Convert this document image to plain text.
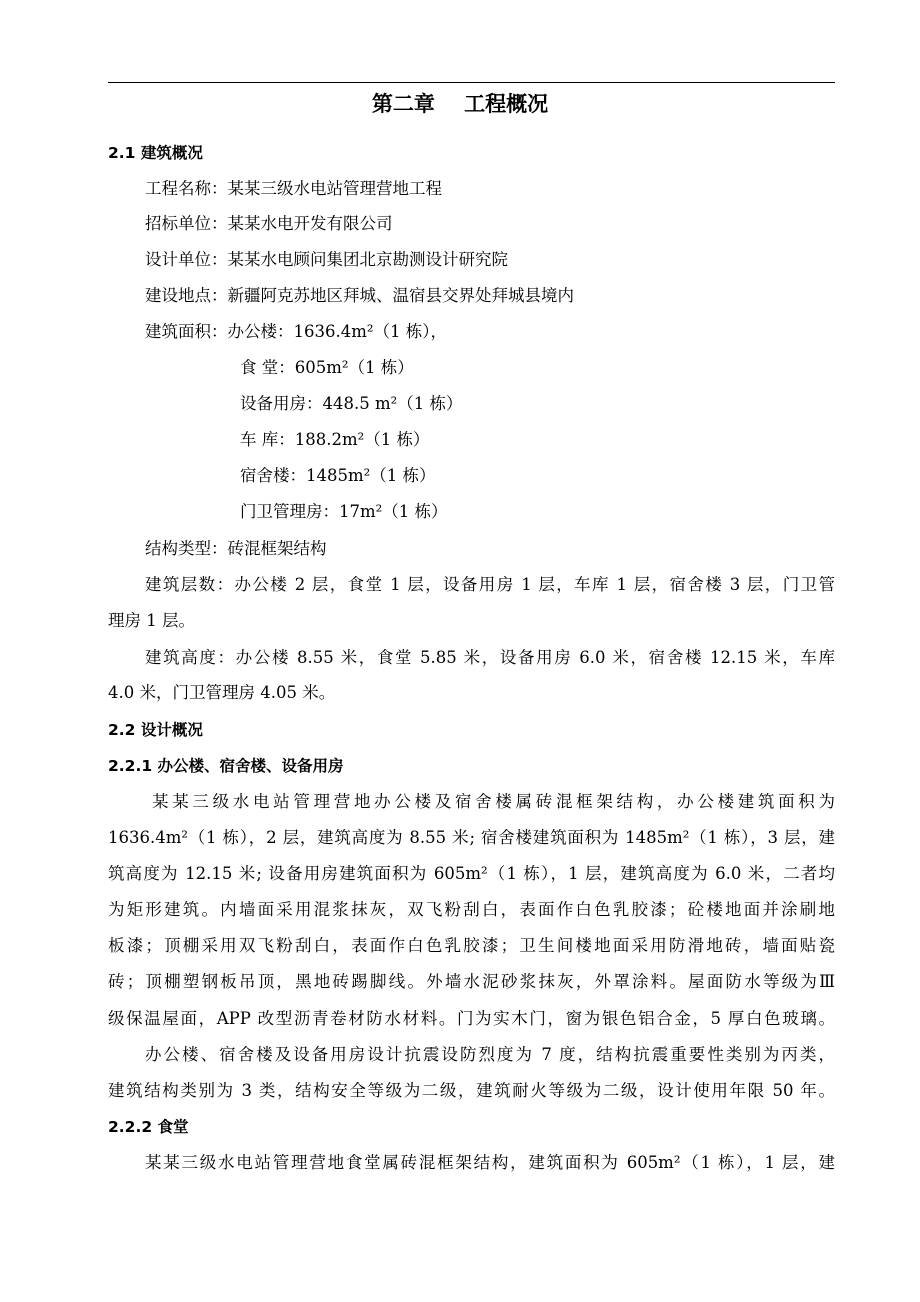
第二章    工程概况
2.1 建筑概况
工程名称：某某三级水电站管理营地工程
招标单位：某某水电开发有限公司
设计单位：某某水电顾问集团北京勘测设计研究院
建设地点：新疆阿克苏地区拜城、温宿县交界处拜城县境内
建筑面积：办公楼：1636.4m²（1 栋），
食 堂：605m²（1 栋）
设备用房：448.5 m²（1 栋）
车 库：188.2m²（1 栋）
宿舍楼：1485m²（1 栋）
门卫管理房：17m²（1 栋）
结构类型：砖混框架结构
建筑层数：办公楼 2 层，食堂 1 层，设备用房 1 层，车库 1 层，宿舍楼 3 层，门卫管
理房 1 层。
建筑高度：办公楼 8.55 米，食堂 5.85 米，设备用房 6.0 米，宿舍楼 12.15 米，车库
4.0 米，门卫管理房 4.05 米。
2.2 设计概况
2.2.1 办公楼、宿舍楼、设备用房
某某三级水电站管理营地办公楼及宿舍楼属砖混框架结构，办公楼建筑面积为
1636.4m²（1 栋），2 层，建筑高度为 8.55 米; 宿舍楼建筑面积为 1485m²（1 栋），3 层，建
筑高度为 12.15 米; 设备用房建筑面积为 605m²（1 栋），1 层，建筑高度为 6.0 米，二者均
为矩形建筑。内墙面采用混浆抹灰，双飞粉刮白，表面作白色乳胶漆；砼楼地面并涂刷地
板漆；顶棚采用双飞粉刮白，表面作白色乳胶漆；卫生间楼地面采用防滑地砖，墙面贴瓷
砖；顶棚塑钢板吊顶，黑地砖踢脚线。外墙水泥砂浆抹灰，外罩涂料。屋面防水等级为Ⅲ
级保温屋面，APP 改型沥青卷材防水材料。门为实木门，窗为银色铝合金，5 厚白色玻璃。
办公楼、宿舍楼及设备用房设计抗震设防烈度为 7 度，结构抗震重要性类别为丙类，
建筑结构类别为 3 类，结构安全等级为二级，建筑耐火等级为二级，设计使用年限 50 年。
2.2.2 食堂
某某三级水电站管理营地食堂属砖混框架结构，建筑面积为 605m²（1 栋），1 层，建
